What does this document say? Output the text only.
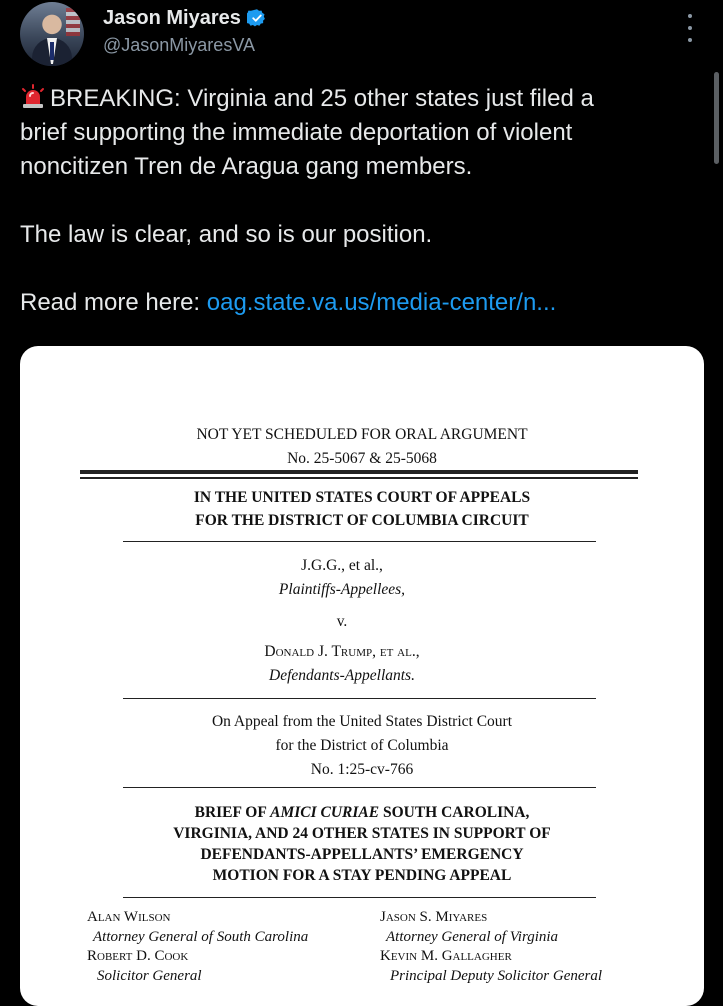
Jason Miyares
@JasonMiyaresVA

BREAKING: Virginia and 25 other states just filed a

brief supporting the immediate deportation of violent

noncitizen Tren de Aragua gang members.

The law is clear, and so is our position.

Read more here: oag.state.va.us/media-center/n...

NOT YET SCHEDULED FOR ORAL ARGUMENT
No. 25-5067 & 25-5068
IN THE UNITED STATES COURT OF APPEALS
FOR THE DISTRICT OF COLUMBIA CIRCUIT
J.G.G., et al.,
Plaintiffs-Appellees,
v.
Donald J. Trump, et al.,
Defendants-Appellants.
On Appeal from the United States District Court
for the District of Columbia
No. 1:25-cv-766
BRIEF OF AMICI CURIAE SOUTH CAROLINA,
VIRGINIA, AND 24 OTHER STATES IN SUPPORT OF
DEFENDANTS-APPELLANTS’ EMERGENCY
MOTION FOR A STAY PENDING APPEAL
Alan Wilson
Attorney General of South Carolina
Robert D. Cook
Solicitor General
Jason S. Miyares
Attorney General of Virginia
Kevin M. Gallagher
Principal Deputy Solicitor General
